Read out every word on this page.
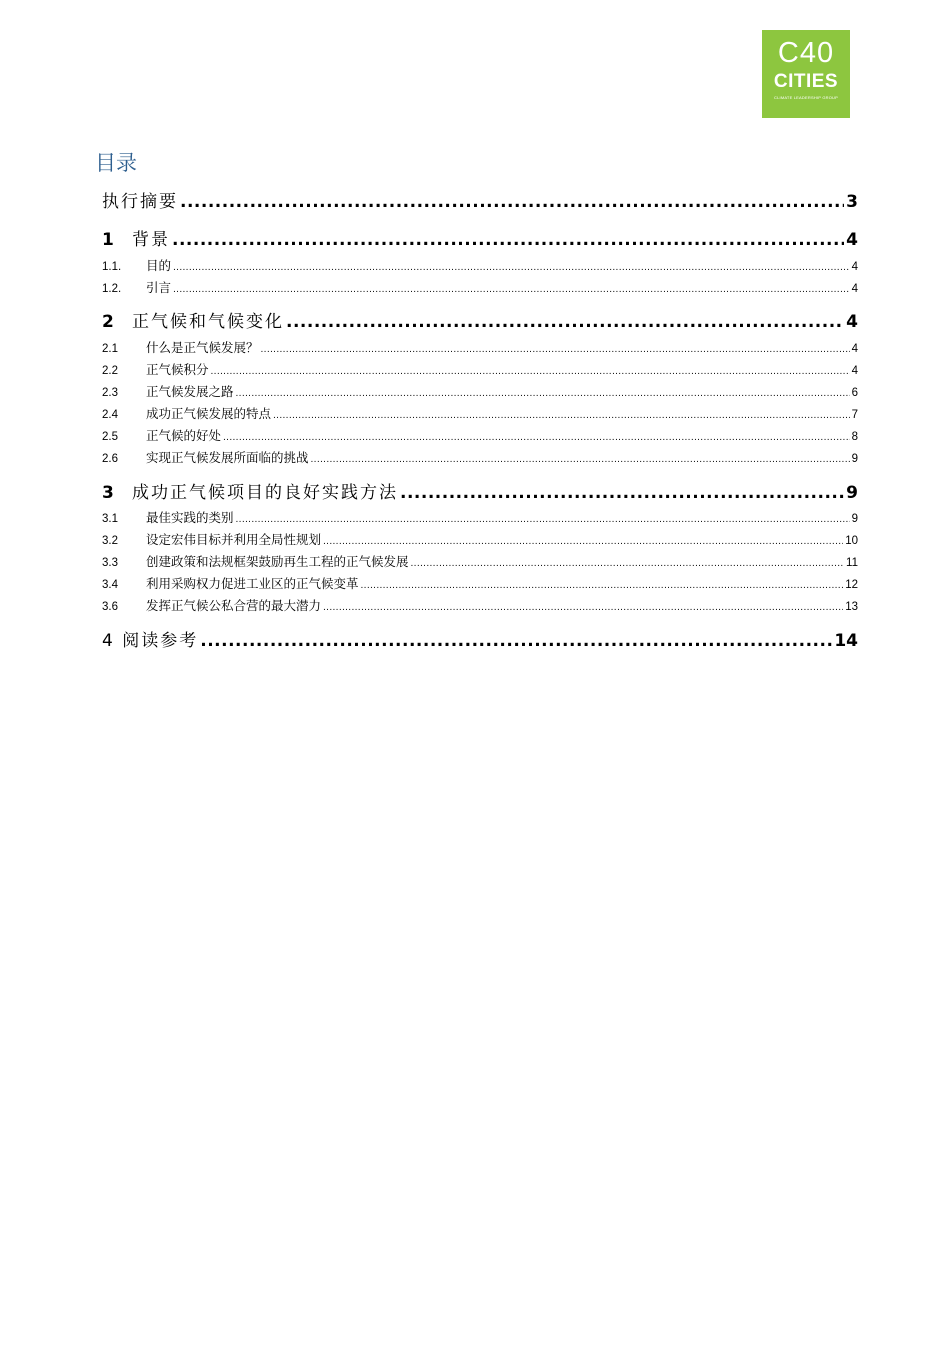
C40
CITIES
CLIMATE LEADERSHIP GROUP
目录
执行摘要 .....	3
1	背景 .....	4
1.1.	目的 .....	4
1.2.	引言 .....	4
2	正气候和气候变化 .....	4
2.1	什么是正气候发展？ .....	4
2.2	正气候积分 .....	4
2.3	正气候发展之路 .....	6
2.4	成功正气候发展的特点 .....	7
2.5	正气候的好处 .....	8
2.6	实现正气候发展所面临的挑战 .....	9
3	成功正气候项目的良好实践方法 .....	9
3.1	最佳实践的类别 .....	9
3.2	设定宏伟目标并利用全局性规划 .....	10
3.3	创建政策和法规框架鼓励再生工程的正气候发展 .....	11
3.4	利用采购权力促进工业区的正气候变革 .....	12
3.6	发挥正气候公私合营的最大潜力 .....	13
4 阅读参考 .....	14
